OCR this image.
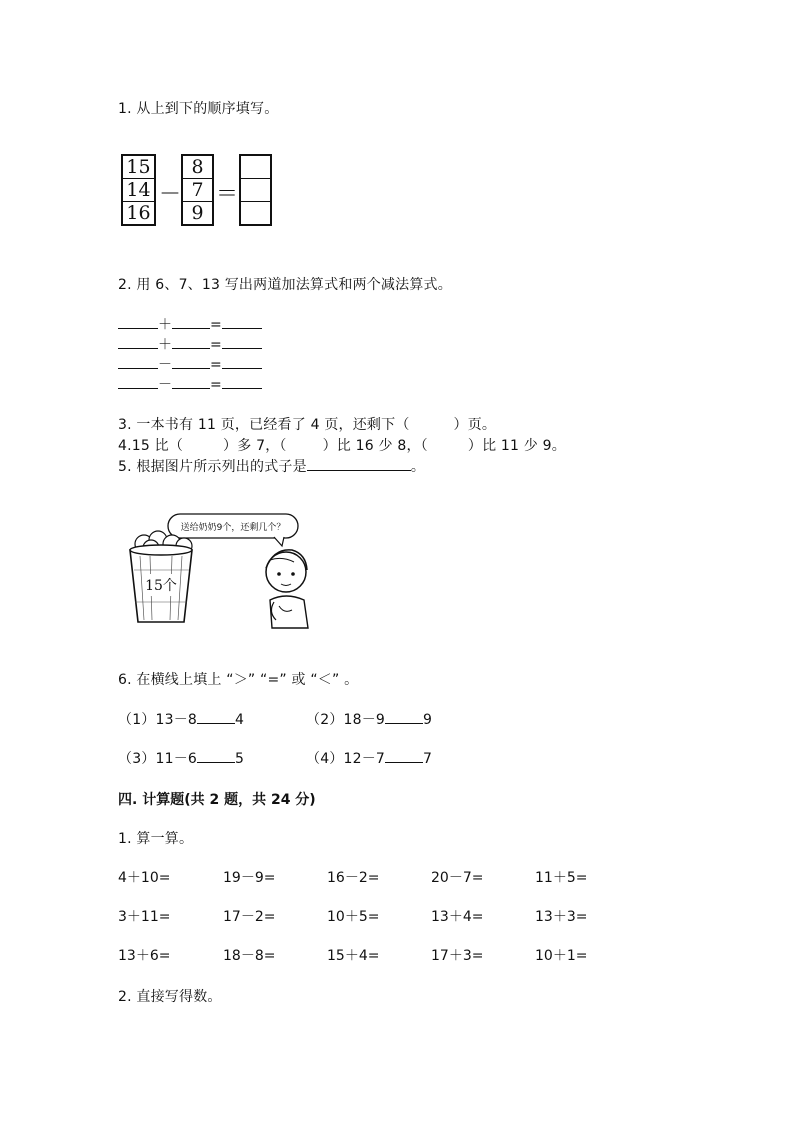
1. 从上到下的顺序填写。
15
14
16
－
8
7
9
＝
2. 用 6、7、13 写出两道加法算式和两个减法算式。
＋	=
＋	=
－	=
－	=
3. 一本书有 11 页，已经看了 4 页，还剩下（	）页。
4.15 比（	）多 7，（	）比 16 少 8，（	）比 11 少 9。
5. 根据图片所示列出的式子是	。
送给奶奶9个，还剩几个？
15个
6. 在横线上填上 “＞” “=” 或 “＜” 。
（1）13－8	4	（2）18－9	9
（3）11－6	5	（4）12－7	7
四. 计算题(共 2 题，共 24 分)
1. 算一算。
4＋10=	19－9=	16－2=	20－7=	11＋5=
3＋11=	17－2=	10＋5=	13＋4=	13＋3=
13＋6=	18－8=	15＋4=	17＋3=	10＋1=
2. 直接写得数。
